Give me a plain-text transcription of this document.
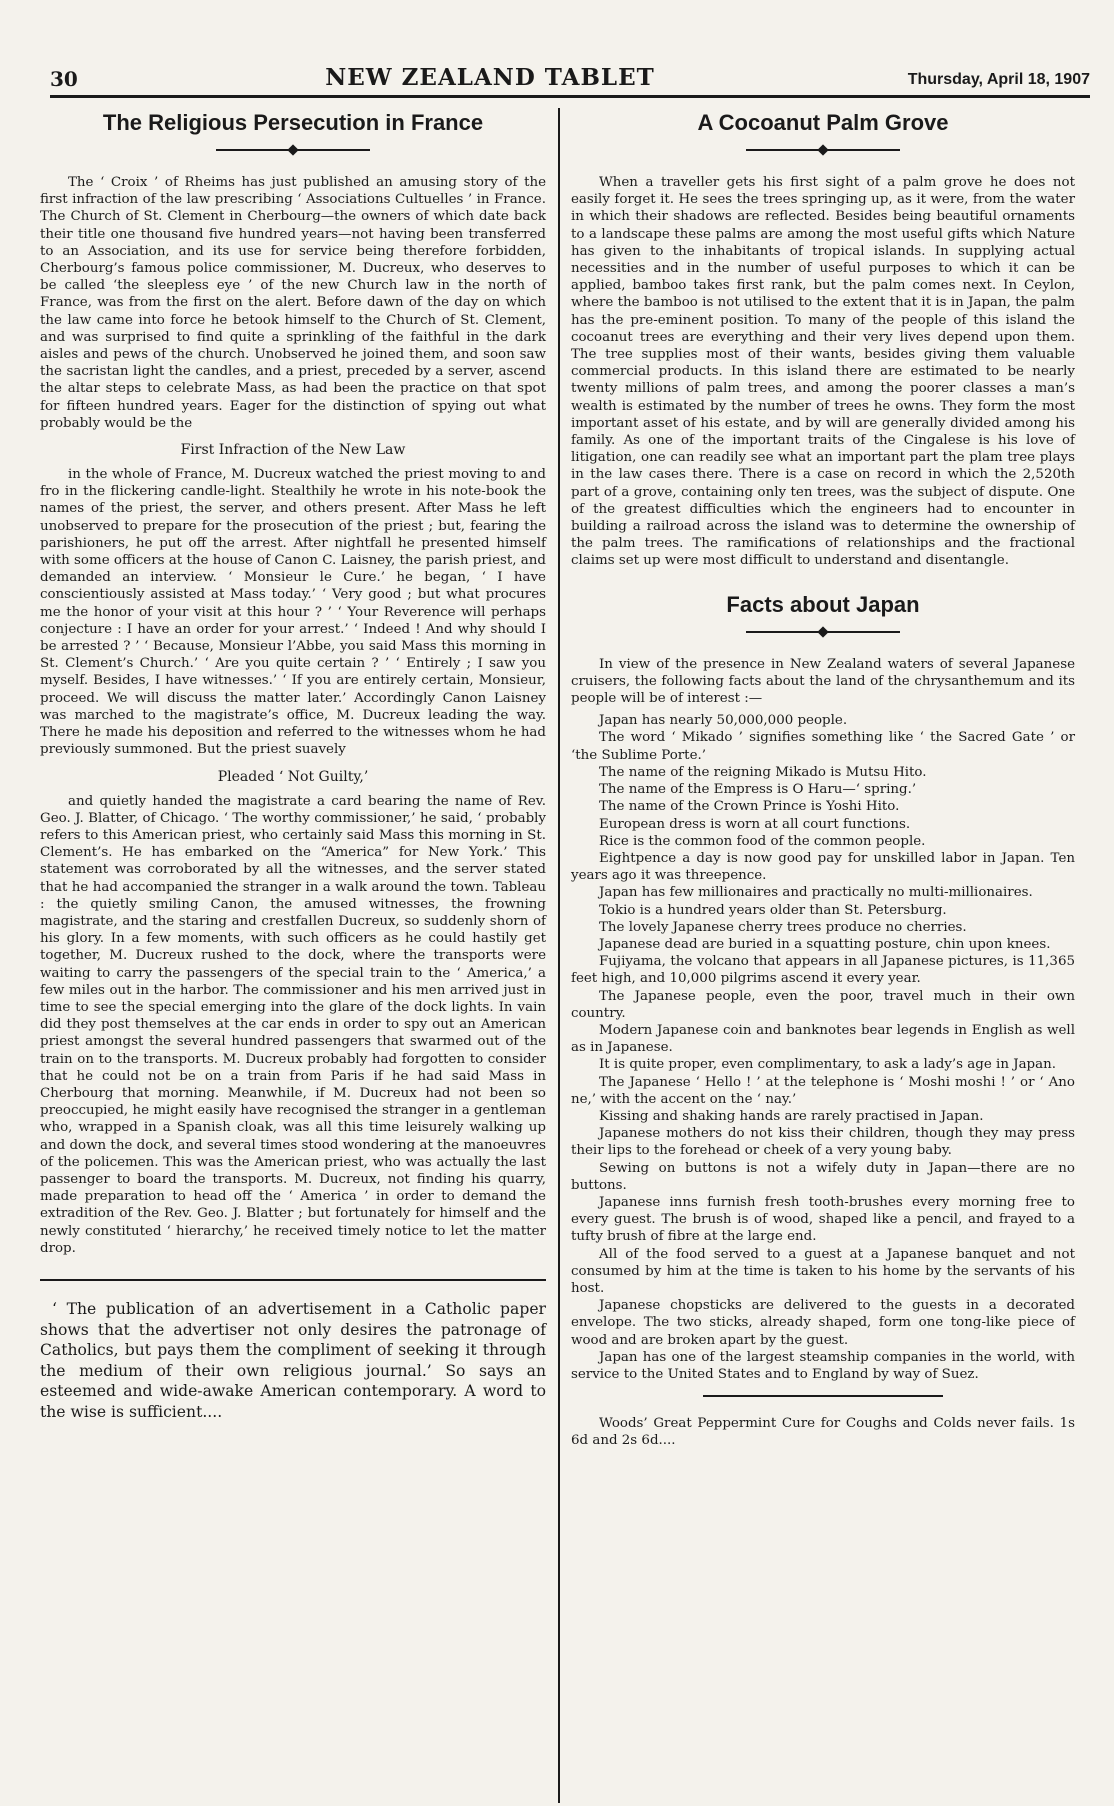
30	NEW ZEALAND TABLET	Thursday, April 18, 1907
The Religious Persecution in France

The ‘ Croix ’ of Rheims has just published an amusing story of the first infraction of the law prescribing ‘ Associations Cultuelles ’ in France. The Church of St. Clement in Cherbourg—the owners of which date back their title one thousand five hundred years—not having been transferred to an Association, and its use for service being therefore forbidden, Cherbourg’s famous police commissioner, M. Ducreux, who deserves to be called ‘the sleepless eye ’ of the new Church law in the north of France, was from the first on the alert. Before dawn of the day on which the law came into force he betook himself to the Church of St. Clement, and was surprised to find quite a sprinkling of the faithful in the dark aisles and pews of the church. Unobserved he joined them, and soon saw the sacristan light the candles, and a priest, preceded by a server, ascend the altar steps to celebrate Mass, as had been the practice on that spot for fifteen hundred years. Eager for the distinction of spying out what probably would be the

First Infraction of the New Law

in the whole of France, M. Ducreux watched the priest moving to and fro in the flickering candle-light. Stealthily he wrote in his note-book the names of the priest, the server, and others present. After Mass he left unobserved to prepare for the prosecution of the priest ; but, fearing the parishioners, he put off the arrest. After nightfall he presented himself with some officers at the house of Canon C. Laisney, the parish priest, and demanded an interview. ‘ Monsieur le Cure.’ he began, ‘ I have conscientiously assisted at Mass today.’ ‘ Very good ; but what procures me the honor of your visit at this hour ? ’ ‘ Your Reverence will perhaps conjecture : I have an order for your arrest.’ ‘ Indeed ! And why should I be arrested ? ’ ‘ Because, Monsieur l’Abbe, you said Mass this morning in St. Clement’s Church.’ ‘ Are you quite certain ? ’ ‘ Entirely ; I saw you myself. Besides, I have witnesses.’ ‘ If you are entirely certain, Monsieur, proceed. We will discuss the matter later.’ Accordingly Canon Laisney was marched to the magistrate’s office, M. Ducreux leading the way. There he made his deposition and referred to the witnesses whom he had previously summoned. But the priest suavely

Pleaded ‘ Not Guilty,’

and quietly handed the magistrate a card bearing the name of Rev. Geo. J. Blatter, of Chicago. ‘ The worthy commissioner,’ he said, ‘ probably refers to this American priest, who certainly said Mass this morning in St. Clement’s. He has embarked on the “America” for New York.’ This statement was corroborated by all the witnesses, and the server stated that he had accompanied the stranger in a walk around the town. Tableau : the quietly smiling Canon, the amused witnesses, the frowning magistrate, and the staring and crestfallen Ducreux, so suddenly shorn of his glory. In a few moments, with such officers as he could hastily get together, M. Ducreux rushed to the dock, where the transports were waiting to carry the passengers of the special train to the ‘ America,’ a few miles out in the harbor. The commissioner and his men arrived just in time to see the special emerging into the glare of the dock lights. In vain did they post themselves at the car ends in order to spy out an American priest amongst the several hundred passengers that swarmed out of the train on to the transports. M. Ducreux probably had forgotten to consider that he could not be on a train from Paris if he had said Mass in Cherbourg that morning. Meanwhile, if M. Ducreux had not been so preoccupied, he might easily have recognised the stranger in a gentleman who, wrapped in a Spanish cloak, was all this time leisurely walking up and down the dock, and several times stood wondering at the manoeuvres of the policemen. This was the American priest, who was actually the last passenger to board the transports. M. Ducreux, not finding his quarry, made preparation to head off the ‘ America ’ in order to demand the extradition of the Rev. Geo. J. Blatter ; but fortunately for himself and the newly constituted ‘ hierarchy,’ he received timely notice to let the matter drop.

‘ The publication of an advertisement in a Catholic paper shows that the advertiser not only desires the patronage of Catholics, but pays them the compliment of seeking it through the medium of their own religious journal.’ So says an esteemed and wide-awake American contemporary. A word to the wise is sufficient....

A Cocoanut Palm Grove

When a traveller gets his first sight of a palm grove he does not easily forget it. He sees the trees springing up, as it were, from the water in which their shadows are reflected. Besides being beautiful ornaments to a landscape these palms are among the most useful gifts which Nature has given to the inhabitants of tropical islands. In supplying actual necessities and in the number of useful purposes to which it can be applied, bamboo takes first rank, but the palm comes next. In Ceylon, where the bamboo is not utilised to the extent that it is in Japan, the palm has the pre-eminent position. To many of the people of this island the cocoanut trees are everything and their very lives depend upon them. The tree supplies most of their wants, besides giving them valuable commercial products. In this island there are estimated to be nearly twenty millions of palm trees, and among the poorer classes a man’s wealth is estimated by the number of trees he owns. They form the most important asset of his estate, and by will are generally divided among his family. As one of the important traits of the Cingalese is his love of litigation, one can readily see what an important part the plam tree plays in the law cases there. There is a case on record in which the 2,520th part of a grove, containing only ten trees, was the subject of dispute. One of the greatest difficulties which the engineers had to encounter in building a railroad across the island was to determine the ownership of the palm trees. The ramifications of relationships and the fractional claims set up were most difficult to understand and disentangle.

Facts about Japan

In view of the presence in New Zealand waters of several Japanese cruisers, the following facts about the land of the chrysanthemum and its people will be of interest :—

Japan has nearly 50,000,000 people.

The word ‘ Mikado ’ signifies something like ‘ the Sacred Gate ’ or ‘the Sublime Porte.’

The name of the reigning Mikado is Mutsu Hito.

The name of the Empress is O Haru—‘ spring.’

The name of the Crown Prince is Yoshi Hito.

European dress is worn at all court functions.

Rice is the common food of the common people.

Eightpence a day is now good pay for unskilled labor in Japan. Ten years ago it was threepence.

Japan has few millionaires and practically no multi-millionaires.

Tokio is a hundred years older than St. Petersburg.

The lovely Japanese cherry trees produce no cherries.

Japanese dead are buried in a squatting posture, chin upon knees.

Fujiyama, the volcano that appears in all Japanese pictures, is 11,365 feet high, and 10,000 pilgrims ascend it every year.

The Japanese people, even the poor, travel much in their own country.

Modern Japanese coin and banknotes bear legends in English as well as in Japanese.

It is quite proper, even complimentary, to ask a lady’s age in Japan.

The Japanese ‘ Hello ! ’ at the telephone is ‘ Moshi moshi ! ’ or ‘ Ano ne,’ with the accent on the ‘ nay.’

Kissing and shaking hands are rarely practised in Japan.

Japanese mothers do not kiss their children, though they may press their lips to the forehead or cheek of a very young baby.

Sewing on buttons is not a wifely duty in Japan—there are no buttons.

Japanese inns furnish fresh tooth-brushes every morning free to every guest. The brush is of wood, shaped like a pencil, and frayed to a tufty brush of fibre at the large end.

All of the food served to a guest at a Japanese banquet and not consumed by him at the time is taken to his home by the servants of his host.

Japanese chopsticks are delivered to the guests in a decorated envelope. The two sticks, already shaped, form one tong-like piece of wood and are broken apart by the guest.

Japan has one of the largest steamship companies in the world, with service to the United States and to England by way of Suez.

Woods’ Great Peppermint Cure for Coughs and Colds never fails. 1s 6d and 2s 6d....
